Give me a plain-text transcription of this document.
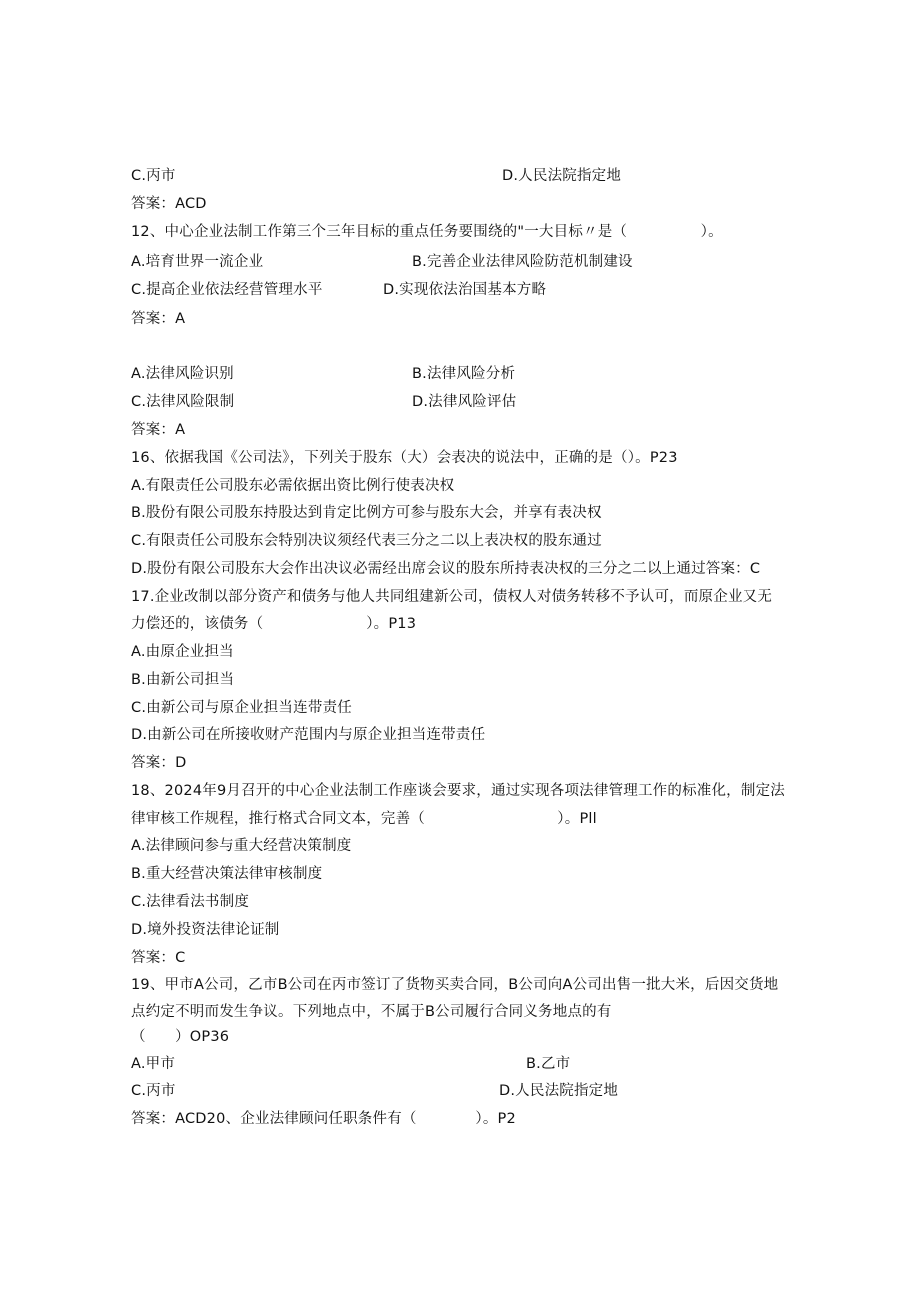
C.丙市	D.人民法院指定地
答案：ACD
12、中心企业法制工作第三个三年目标的重点任务要围绕的"一大目标〃是（　　　　　）。
A.培育世界一流企业	B.完善企业法律风险防范机制建设
C.提高企业依法经营管理水平	D.实现依法治国基本方略
答案：A
A.法律风险识别	B.法律风险分析
C.法律风险限制	D.法律风险评估
答案：A
16、依据我国《公司法》，下列关于股东（大）会表决的说法中，正确的是（）。P23
A.有限责任公司股东必需依据出资比例行使表决权
B.股份有限公司股东持股达到肯定比例方可参与股东大会，并享有表决权
C.有限责任公司股东会特别决议须经代表三分之二以上表决权的股东通过
D.股份有限公司股东大会作出决议必需经出席会议的股东所持表决权的三分之二以上通过答案：C
17.企业改制以部分资产和债务与他人共同组建新公司，债权人对债务转移不予认可，而原企业又无
力偿还的，该债务（　　　　　　　）。P13
A.由原企业担当
B.由新公司担当
C.由新公司与原企业担当连带责任
D.由新公司在所接收财产范围内与原企业担当连带责任
答案：D
18、2024年9月召开的中心企业法制工作座谈会要求，通过实现各项法律管理工作的标准化，制定法
律审核工作规程，推行格式合同文本，完善（　　　　　　　　　）。Pll
A.法律顾问参与重大经营决策制度
B.重大经营决策法律审核制度
C.法律看法书制度
D.境外投资法律论证制
答案：C
19、甲市A公司，乙市B公司在丙市签订了货物买卖合同，B公司向A公司出售一批大米，后因交货地
点约定不明而发生争议。下列地点中，不属于B公司履行合同义务地点的有
（　　）OP36
A.甲市	B.乙市
C.丙市	D.人民法院指定地
答案：ACD20、企业法律顾问任职条件有（　　　　）。P2
